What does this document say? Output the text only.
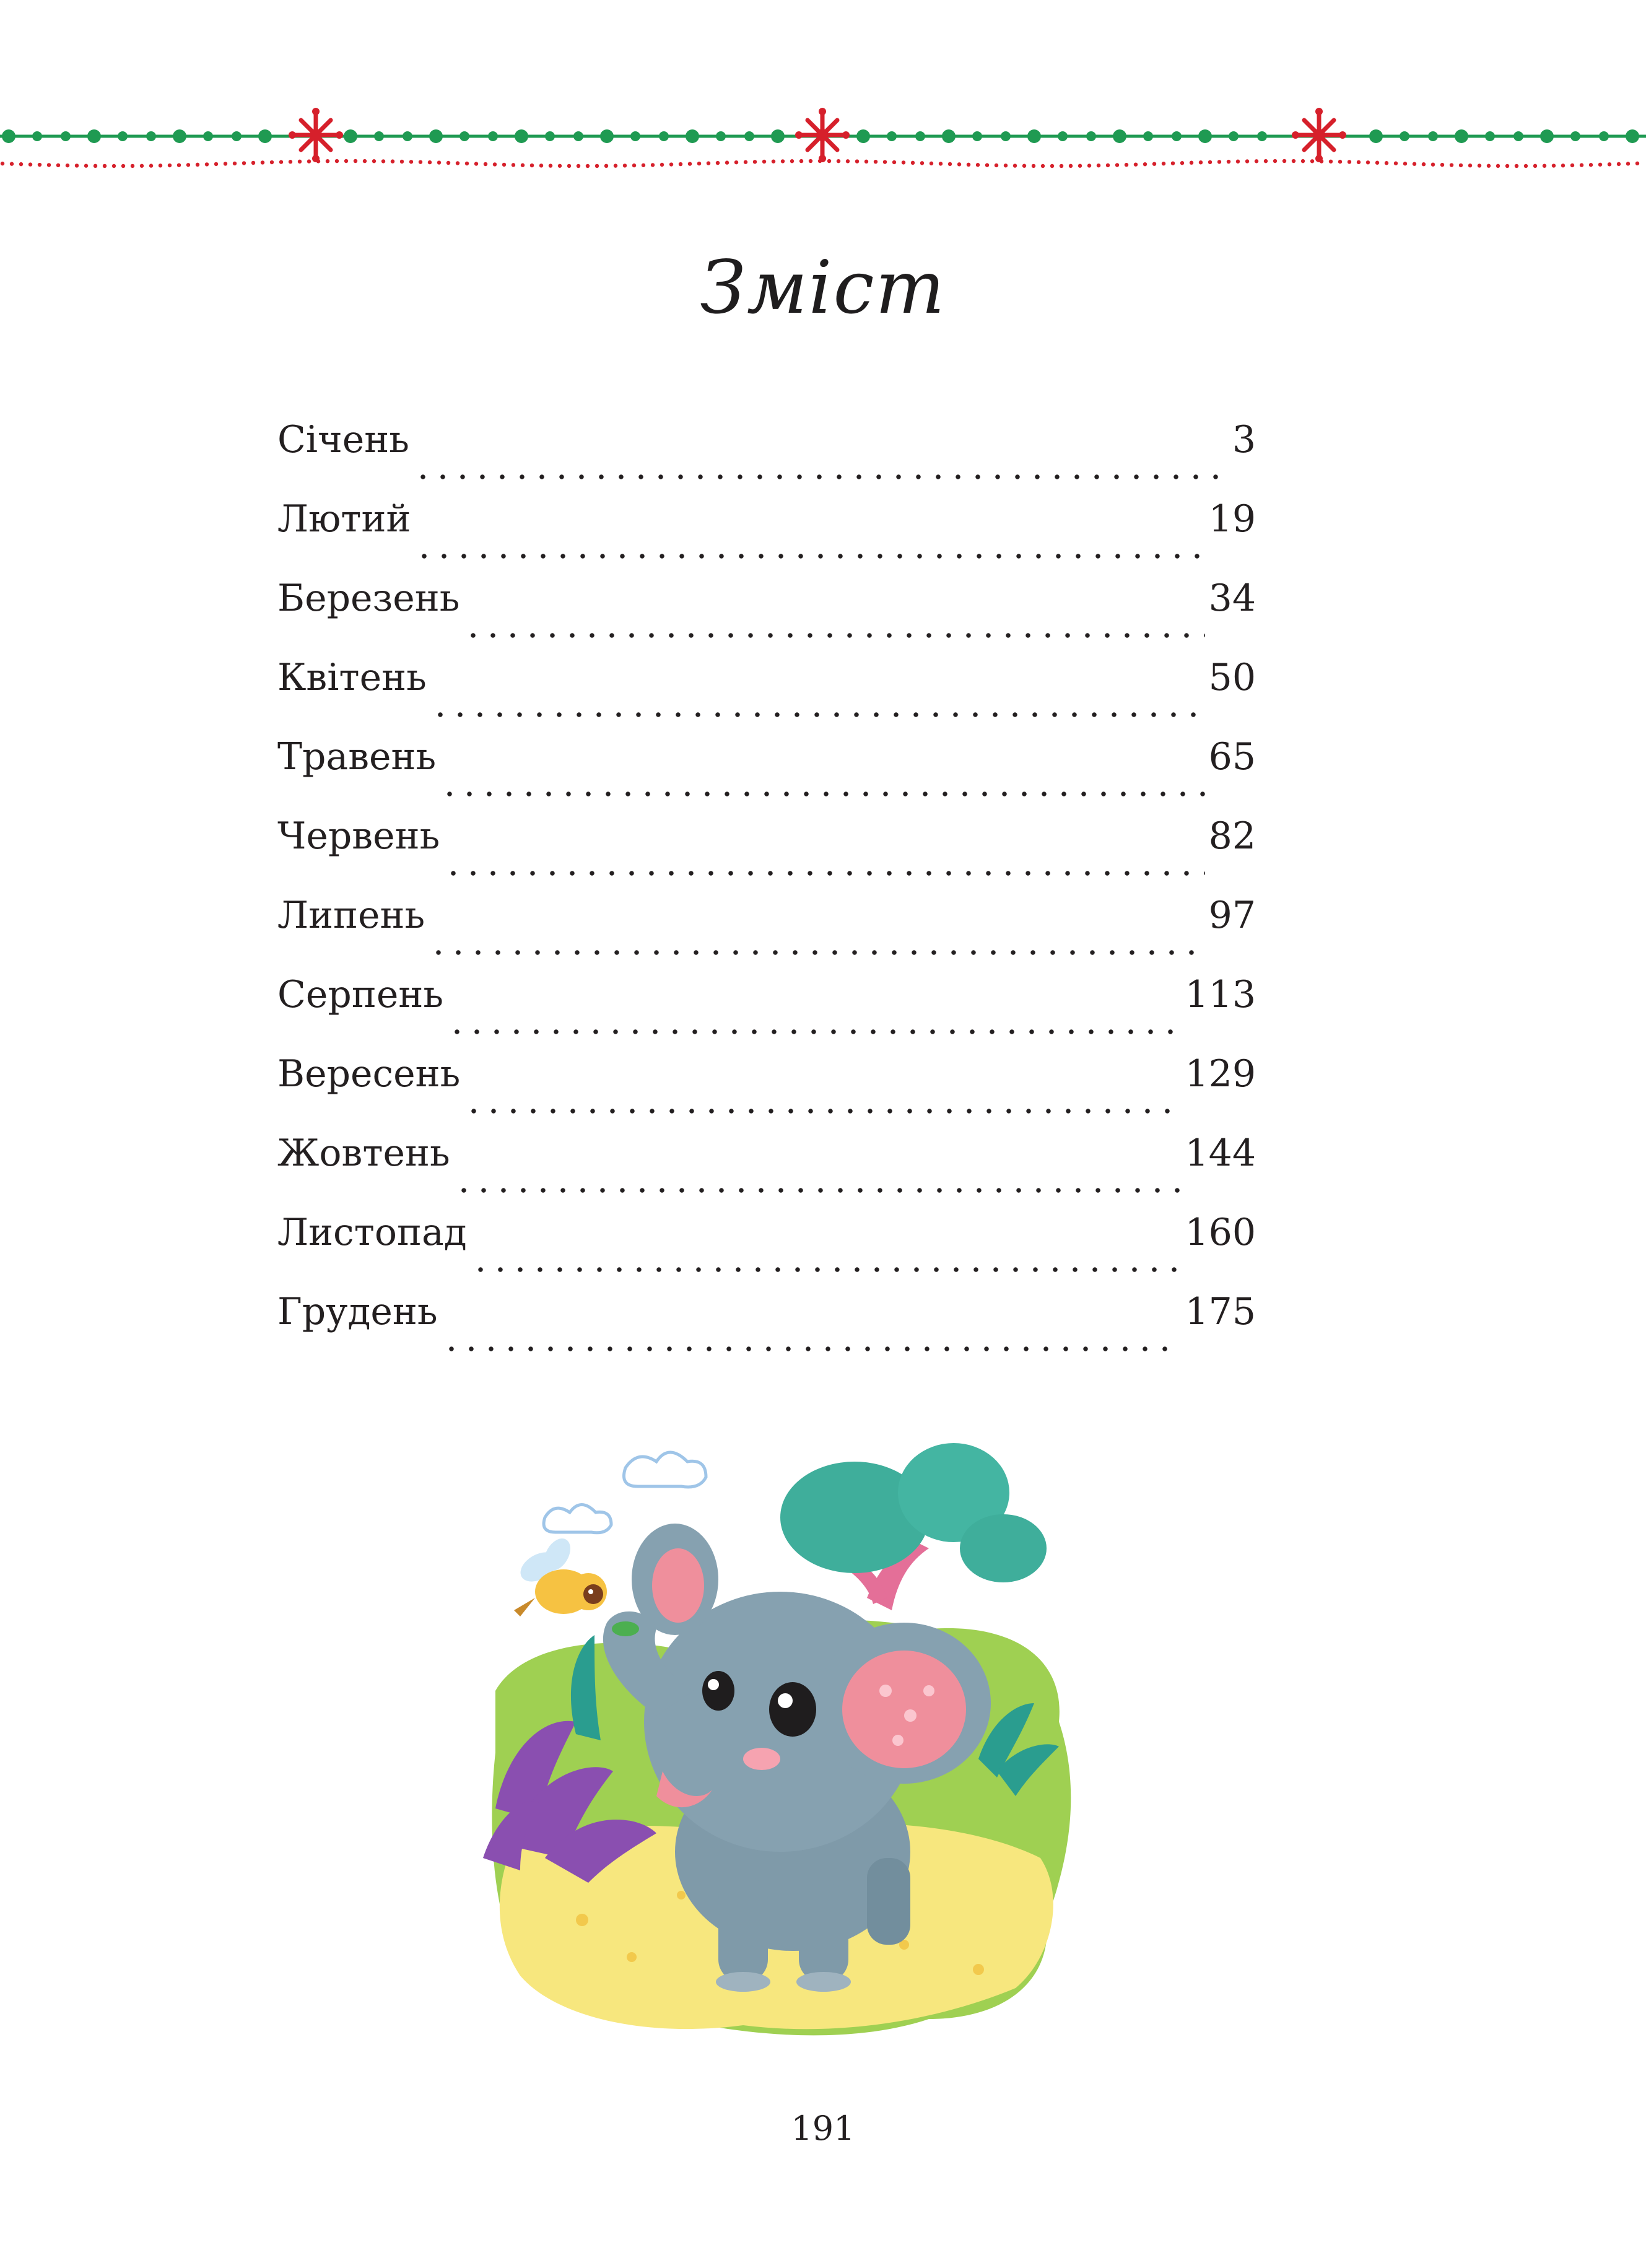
Зміст
Січень	3
Лютий	19
Березень	34
Квітень	50
Травень	65
Червень	82
Липень	97
Серпень	113
Вересень	129
Жовтень	144
Листопад	160
Грудень	175
191
